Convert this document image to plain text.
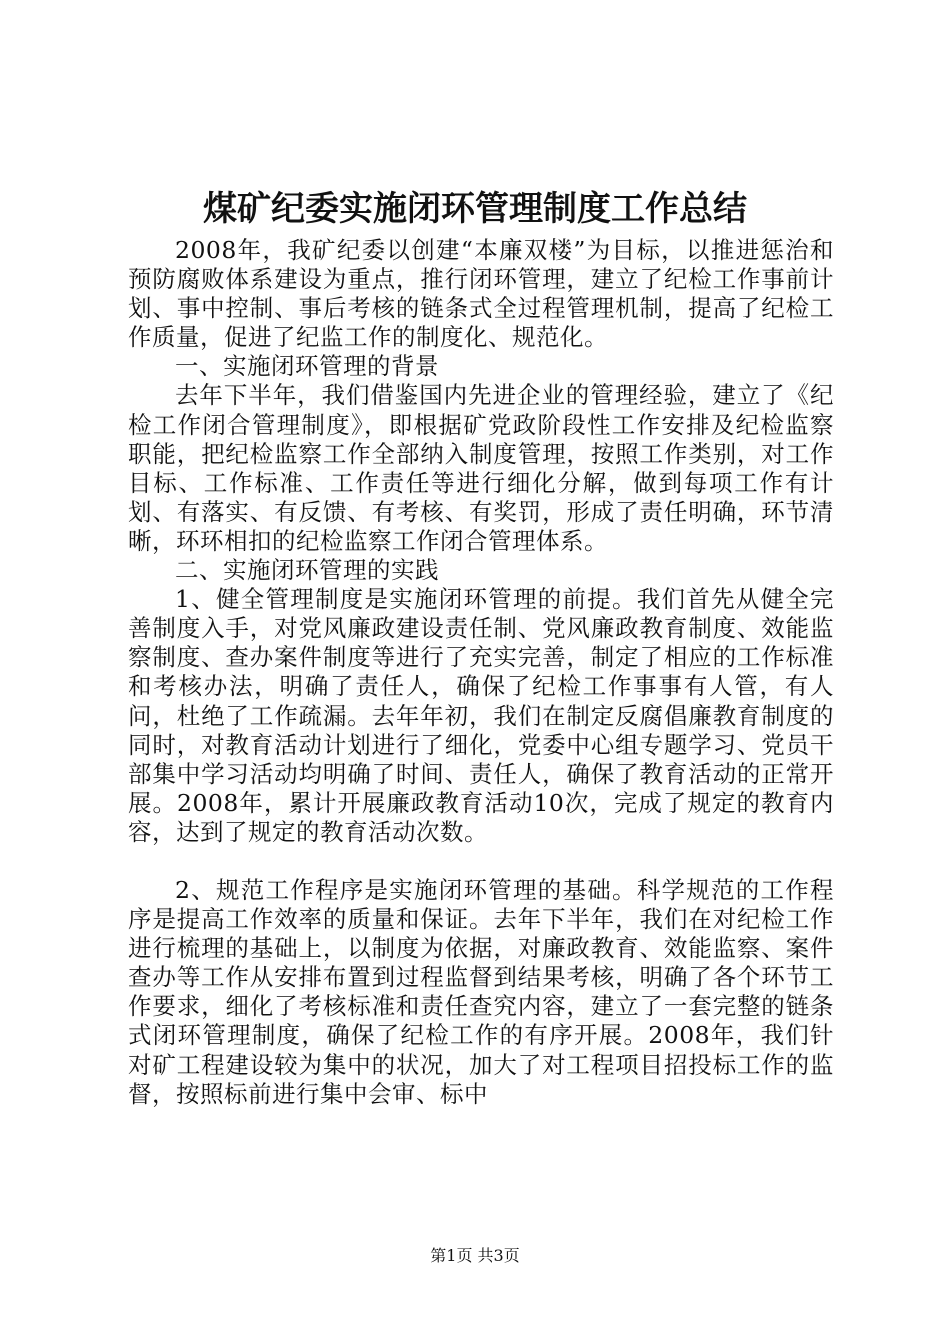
煤矿纪委实施闭环管理制度工作总结

2008年，我矿纪委以创建“本廉双楼”为目标，以推进惩治和预防腐败体系建设为重点，推行闭环管理，建立了纪检工作事前计划、事中控制、事后考核的链条式全过程管理机制，提高了纪检工作质量，促进了纪监工作的制度化、规范化。

一、实施闭环管理的背景

去年下半年，我们借鉴国内先进企业的管理经验，建立了《纪检工作闭合管理制度》，即根据矿党政阶段性工作安排及纪检监察职能，把纪检监察工作全部纳入制度管理，按照工作类别，对工作目标、工作标准、工作责任等进行细化分解，做到每项工作有计划、有落实、有反馈、有考核、有奖罚，形成了责任明确，环节清晰，环环相扣的纪检监察工作闭合管理体系。

二、实施闭环管理的实践

1、健全管理制度是实施闭环管理的前提。我们首先从健全完善制度入手，对党风廉政建设责任制、党风廉政教育制度、效能监察制度、查办案件制度等进行了充实完善，制定了相应的工作标准和考核办法，明确了责任人，确保了纪检工作事事有人管，有人问，杜绝了工作疏漏。去年年初，我们在制定反腐倡廉教育制度的同时，对教育活动计划进行了细化，党委中心组专题学习、党员干部集中学习活动均明确了时间、责任人，确保了教育活动的正常开展。2008年，累计开展廉政教育活动10次，完成了规定的教育内容，达到了规定的教育活动次数。

2、规范工作程序是实施闭环管理的基础。科学规范的工作程序是提高工作效率的质量和保证。去年下半年，我们在对纪检工作进行梳理的基础上，以制度为依据，对廉政教育、效能监察、案件查办等工作从安排布置到过程监督到结果考核，明确了各个环节工作要求，细化了考核标准和责任查究内容，建立了一套完整的链条式闭环管理制度，确保了纪检工作的有序开展。2008年，我们针对矿工程建设较为集中的状况，加大了对工程项目招投标工作的监督，按照标前进行集中会审、标中

第1页 共3页
